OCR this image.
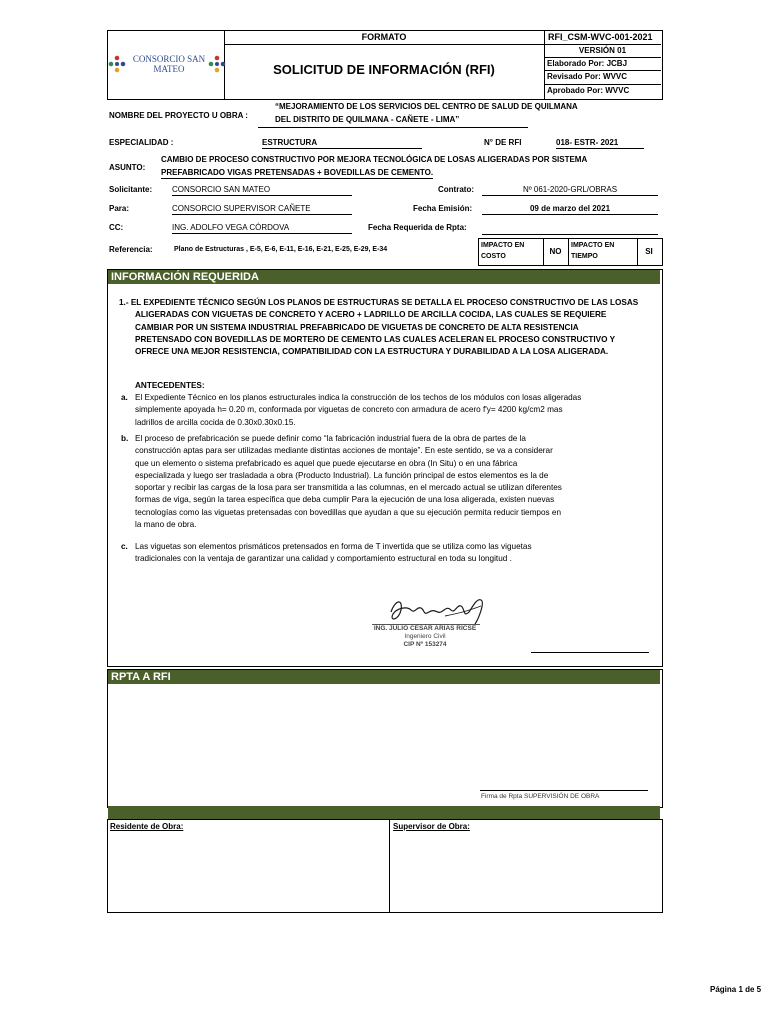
CONSORCIO SAN
MATEO
FORMATO
SOLICITUD DE INFORMACIÓN (RFI)
RFI_CSM-WVC-001-2021
VERSIÓN 01
Elaborado Por: JCBJ
Revisado Por: WVVC
Aprobado Por: WVVC
NOMBRE DEL PROYECTO U OBRA :
“MEJORAMIENTO DE LOS SERVICIOS DEL CENTRO DE SALUD DE QUILMANA
DEL DISTRITO DE QUILMANA - CAÑETE - LIMA”
ESPECIALIDAD :	ESTRUCTURA	N° DE RFI	018- ESTR- 2021
ASUNTO:
CAMBIO DE PROCESO CONSTRUCTIVO POR MEJORA TECNOLÓGICA DE LOSAS ALIGERADAS POR SISTEMA
PREFABRICADO VIGAS PRETENSADAS + BOVEDILLAS DE CEMENTO.
Solicitante: CONSORCIO SAN MATEO	Contrato:	Nº 061-2020-GRL/OBRAS
Para:	CONSORCIO SUPERVISOR CAÑETE	Fecha Emisión:	09 de marzo del 2021
CC:	ING. ADOLFO VEGA CÓRDOVA	Fecha Requerida de Rpta:
Referencia:	Plano de Estructuras , E-5, E-6, E-11, E-16, E-21, E-25, E-29, E-34
IMPACTO EN
COSTO
NO
IMPACTO EN
TIEMPO
SI
INFORMACIÓN REQUERIDA
1.- EL EXPEDIENTE TÉCNICO SEGÚN LOS PLANOS DE ESTRUCTURAS SE DETALLA EL PROCESO CONSTRUCTIVO DE LAS LOSAS
ALIGERADAS CON VIGUETAS DE CONCRETO Y ACERO + LADRILLO DE ARCILLA COCIDA, LAS CUALES SE REQUIERE
CAMBIAR POR UN SISTEMA INDUSTRIAL PREFABRICADO DE VIGUETAS DE CONCRETO DE ALTA RESISTENCIA
PRETENSADO CON BOVEDILLAS DE MORTERO DE CEMENTO LAS CUALES ACELERAN EL PROCESO CONSTRUCTIVO Y
OFRECE UNA MEJOR RESISTENCIA, COMPATIBILIDAD CON LA ESTRUCTURA Y DURABILIDAD A LA LOSA ALIGERADA.
ANTECEDENTES:
a. El Expediente Técnico en los planos estructurales indica la construcción de los techos de los módulos con losas aligeradas
simplemente apoyada h= 0.20 m, conformada por viguetas de concreto con armadura de acero f'y= 4200 kg/cm2 mas
ladrillos de arcilla cocida de 0.30x0.30x0.15.
b. El proceso de prefabricación se puede definir como “la fabricación industrial fuera de la obra de partes de la
construcción aptas para ser utilizadas mediante distintas acciones de montaje”. En este sentido, se va a considerar
que un elemento o sistema prefabricado es aquel que puede ejecutarse en obra (In Situ) o en una fábrica
especializada y luego ser trasladada a obra (Producto Industrial). La función principal de estos elementos es la de
soportar y recibir las cargas de la losa para ser transmitida a las columnas, en el mercado actual se utilizan diferentes
formas de viga, según la tarea específica que deba cumplir Para la ejecución de una losa aligerada, existen nuevas
tecnologías como las viguetas pretensadas con bovedillas que ayudan a que su ejecución permita reducir tiempos en
la mano de obra.
c. Las viguetas son elementos prismáticos pretensados en forma de T invertida que se utiliza como las viguetas
tradicionales con la ventaja de garantizar una calidad y comportamiento estructural en toda su longitud .
ING. JULIO CESAR ARIAS RICSE
Ingeniero Civil
CIP Nº 153274
RPTA A RFI
Firma de Rpta SUPERVISIÓN DE OBRA
Residente de Obra:	Supervisor de Obra:
Página 1 de 5
